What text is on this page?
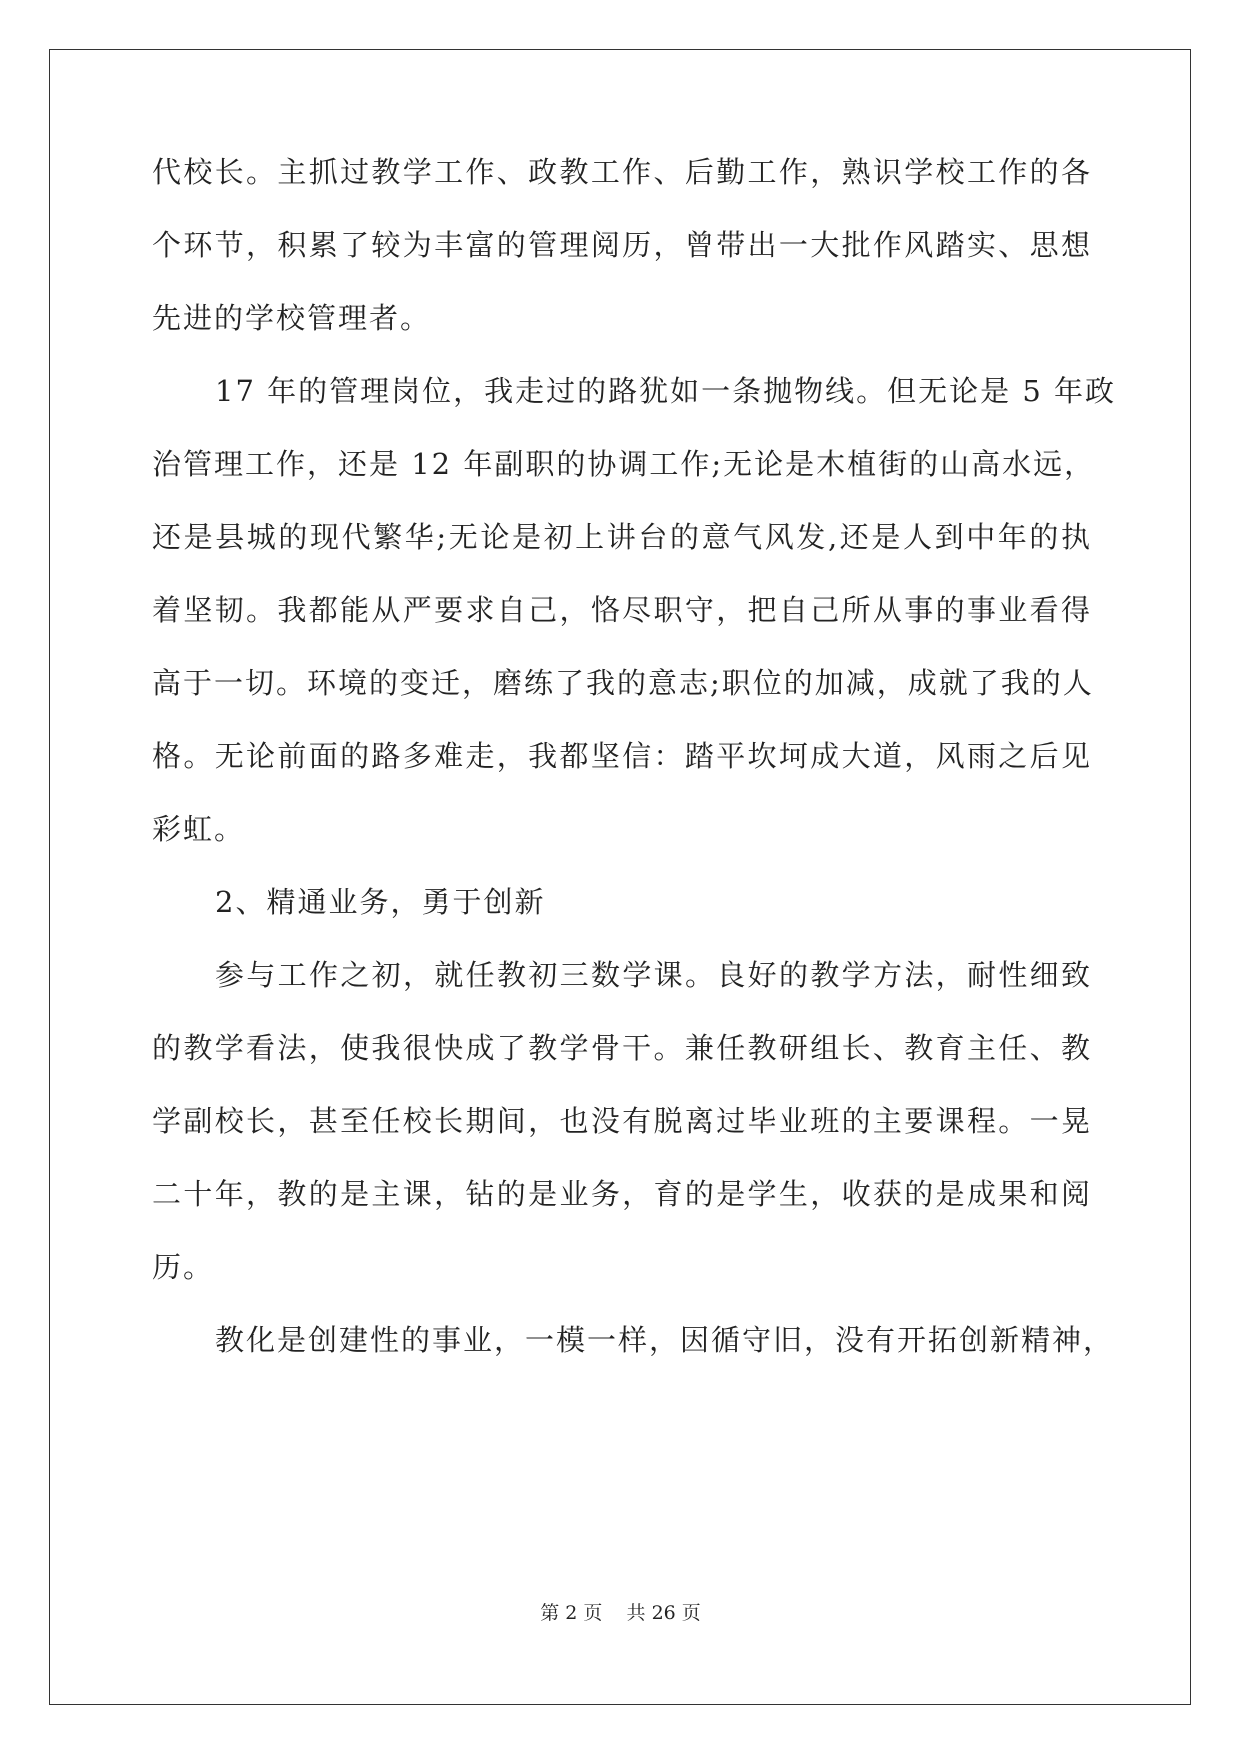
代校长。主抓过教学工作、政教工作、后勤工作，熟识学校工作的各
个环节，积累了较为丰富的管理阅历，曾带出一大批作风踏实、思想
先进的学校管理者。
17 年的管理岗位，我走过的路犹如一条抛物线。但无论是 5 年政
治管理工作，还是 12 年副职的协调工作;无论是木植街的山高水远，
还是县城的现代繁华;无论是初上讲台的意气风发,还是人到中年的执
着坚韧。我都能从严要求自己，恪尽职守，把自己所从事的事业看得
高于一切。环境的变迁，磨练了我的意志;职位的加减，成就了我的人
格。无论前面的路多难走，我都坚信：踏平坎坷成大道，风雨之后见
彩虹。
2、精通业务，勇于创新
参与工作之初，就任教初三数学课。良好的教学方法，耐性细致
的教学看法，使我很快成了教学骨干。兼任教研组长、教育主任、教
学副校长，甚至任校长期间，也没有脱离过毕业班的主要课程。一晃
二十年，教的是主课，钻的是业务，育的是学生，收获的是成果和阅
历。
教化是创建性的事业，一模一样，因循守旧，没有开拓创新精神，
第 2 页    共 26 页
